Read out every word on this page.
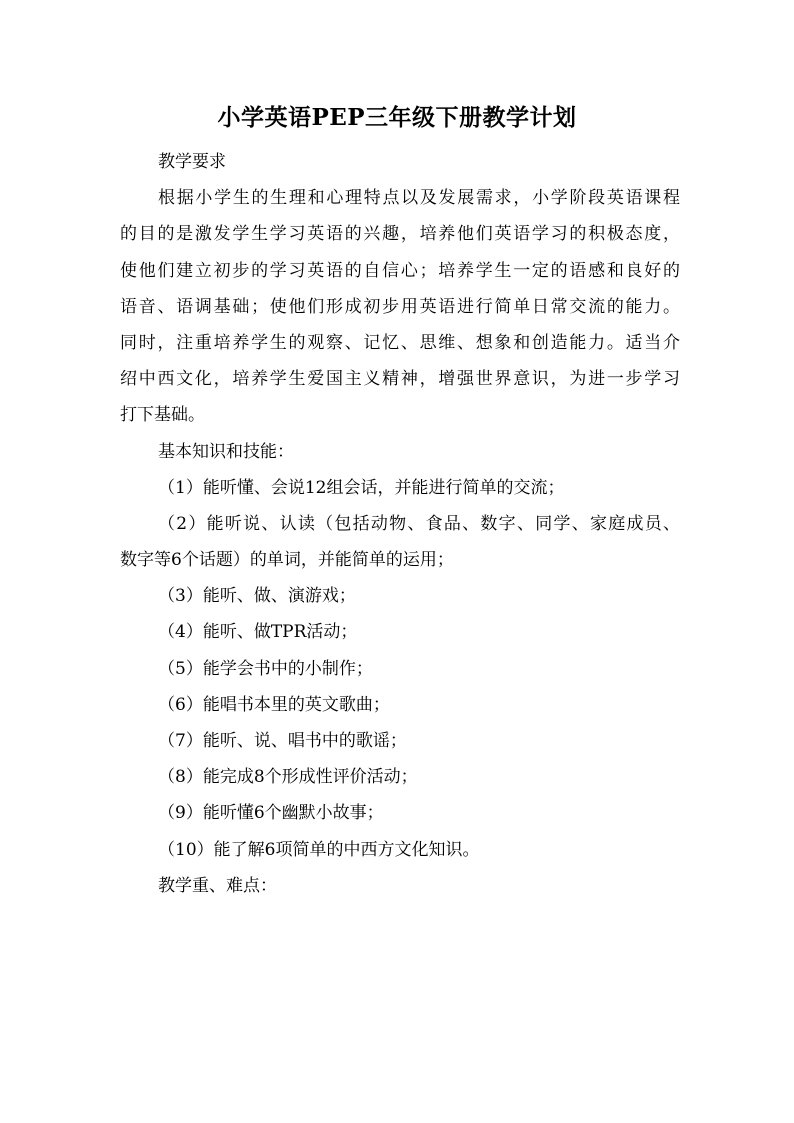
小学英语PEP三年级下册教学计划
教学要求
根据小学生的生理和心理特点以及发展需求，小学阶段英语课程
的目的是激发学生学习英语的兴趣，培养他们英语学习的积极态度，
使他们建立初步的学习英语的自信心；培养学生一定的语感和良好的
语音、语调基础；使他们形成初步用英语进行简单日常交流的能力。
同时，注重培养学生的观察、记忆、思维、想象和创造能力。适当介
绍中西文化，培养学生爱国主义精神，增强世界意识，为进一步学习
打下基础。
基本知识和技能：
（1）能听懂、会说12组会话，并能进行简单的交流；
（2）能听说、认读（包括动物、食品、数字、同学、家庭成员、
数字等6个话题）的单词，并能简单的运用；
（3）能听、做、演游戏；
（4）能听、做TPR活动；
（5）能学会书中的小制作；
（6）能唱书本里的英文歌曲；
（7）能听、说、唱书中的歌谣；
（8）能完成8个形成性评价活动；
（9）能听懂6个幽默小故事；
（10）能了解6项简单的中西方文化知识。
教学重、难点：
